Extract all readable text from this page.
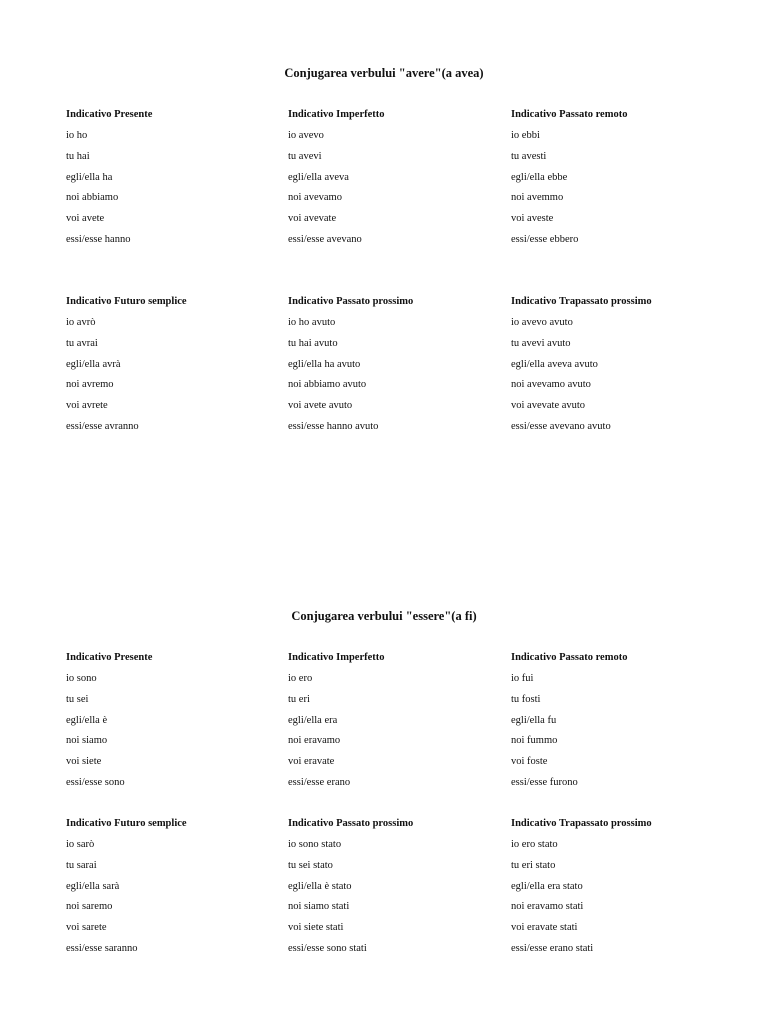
Conjugarea verbului "avere"(a avea)
Indicativo Presente
io ho
tu hai
egli/ella ha
noi abbiamo
voi avete
essi/esse hanno
Indicativo Imperfetto
io avevo
tu avevi
egli/ella aveva
noi avevamo
voi avevate
essi/esse avevano
Indicativo Passato remoto
io ebbi
tu avesti
egli/ella ebbe
noi avemmo
voi aveste
essi/esse ebbero
Indicativo Futuro semplice
io avrò
tu avrai
egli/ella avrà
noi avremo
voi avrete
essi/esse avranno
Indicativo Passato prossimo
io ho avuto
tu hai avuto
egli/ella ha avuto
noi abbiamo avuto
voi avete avuto
essi/esse hanno avuto
Indicativo Trapassato prossimo
io avevo avuto
tu avevi avuto
egli/ella aveva avuto
noi avevamo avuto
voi avevate avuto
essi/esse avevano avuto
Conjugarea verbului "essere"(a fi)
Indicativo Presente
io sono
tu sei
egli/ella è
noi siamo
voi siete
essi/esse sono
Indicativo Imperfetto
io ero
tu eri
egli/ella era
noi eravamo
voi eravate
essi/esse erano
Indicativo Passato remoto
io fui
tu fosti
egli/ella fu
noi fummo
voi foste
essi/esse furono
Indicativo Futuro semplice
io sarò
tu sarai
egli/ella sarà
noi saremo
voi sarete
essi/esse saranno
Indicativo Passato prossimo
io sono stato
tu sei stato
egli/ella è stato
noi siamo stati
voi siete stati
essi/esse sono stati
Indicativo Trapassato prossimo
io ero stato
tu eri stato
egli/ella era stato
noi eravamo stati
voi eravate stati
essi/esse erano stati
